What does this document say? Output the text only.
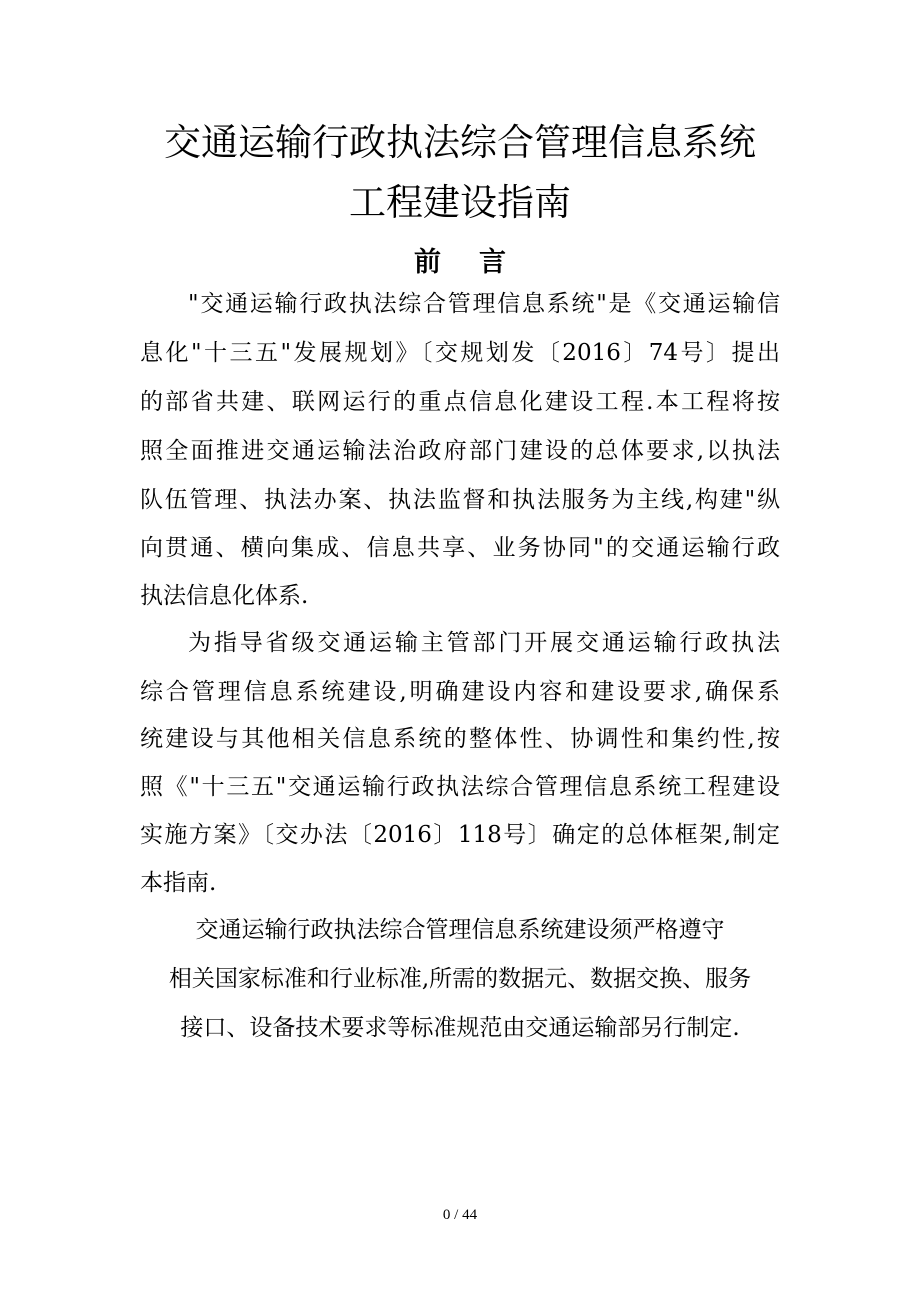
交通运输行政执法综合管理信息系统
工程建设指南
前言
"交通运输行政执法综合管理信息系统"是《交通运输信
息化"十三五"发展规划》〔交规划发〔2016〕74号〕提出
的部省共建、联网运行的重点信息化建设工程.本工程将按
照全面推进交通运输法治政府部门建设的总体要求,以执法
队伍管理、执法办案、执法监督和执法服务为主线,构建"纵
向贯通、横向集成、信息共享、业务协同"的交通运输行政
执法信息化体系.
为指导省级交通运输主管部门开展交通运输行政执法
综合管理信息系统建设,明确建设内容和建设要求,确保系
统建设与其他相关信息系统的整体性、协调性和集约性,按
照《"十三五"交通运输行政执法综合管理信息系统工程建设
实施方案》〔交办法〔2016〕118号〕确定的总体框架,制定
本指南.
交通运输行政执法综合管理信息系统建设须严格遵守
相关国家标准和行业标准,所需的数据元、数据交换、服务
接口、设备技术要求等标准规范由交通运输部另行制定.
0 / 44
